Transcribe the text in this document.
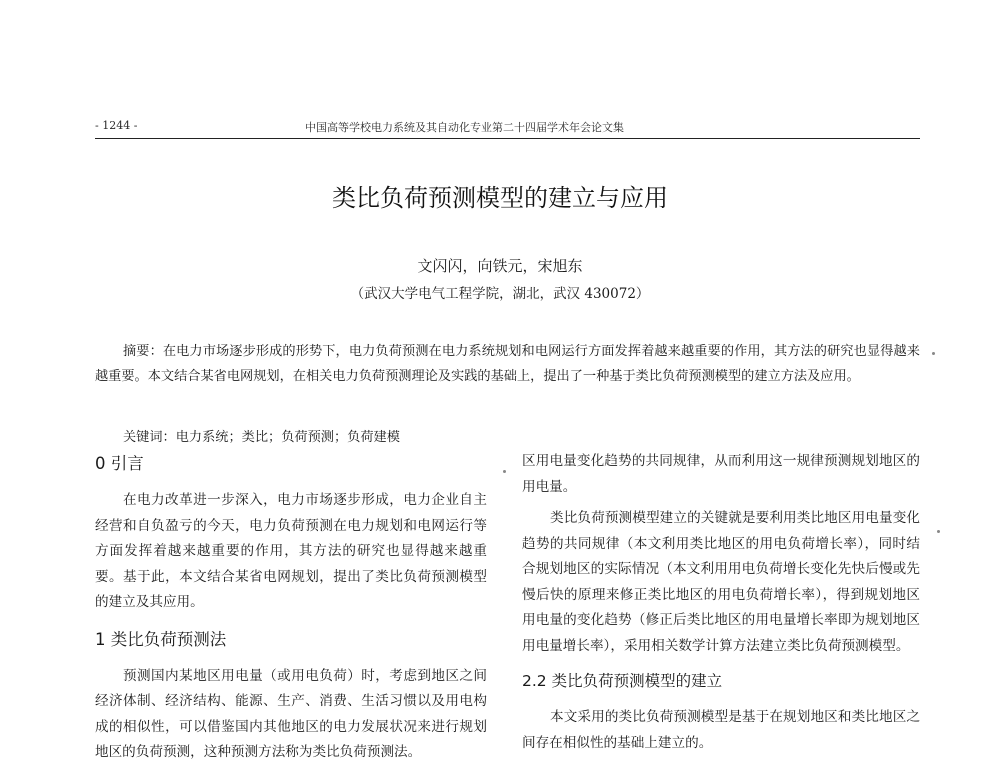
- 1244 -	中国高等学校电力系统及其自动化专业第二十四届学术年会论文集
类比负荷预测模型的建立与应用
文闪闪，向铁元，宋旭东
（武汉大学电气工程学院，湖北，武汉 430072）
摘要：在电力市场逐步形成的形势下，电力负荷预测在电力系统规划和电网运行方面发挥着越来越重要的作用，其方法的研究也显得越来越重要。本文结合某省电网规划，在相关电力负荷预测理论及实践的基础上，提出了一种基于类比负荷预测模型的建立方法及应用。
关键词：电力系统；类比；负荷预测；负荷建模
0 引言
在电力改革进一步深入，电力市场逐步形成，电力企业自主经营和自负盈亏的今天，电力负荷预测在电力规划和电网运行等方面发挥着越来越重要的作用，其方法的研究也显得越来越重要。基于此，本文结合某省电网规划，提出了类比负荷预测模型的建立及其应用。
1 类比负荷预测法
预测国内某地区用电量（或用电负荷）时，考虑到地区之间经济体制、经济结构、能源、生产、消费、生活习惯以及用电构成的相似性，可以借鉴国内其他地区的电力发展状况来进行规划地区的负荷预测，这种预测方法称为类比负荷预测法。
区用电量变化趋势的共同规律，从而利用这一规律预测规划地区的用电量。
类比负荷预测模型建立的关键就是要利用类比地区用电量变化趋势的共同规律（本文利用类比地区的用电负荷增长率），同时结合规划地区的实际情况（本文利用用电负荷增长变化先快后慢或先慢后快的原理来修正类比地区的用电负荷增长率），得到规划地区用电量的变化趋势（修正后类比地区的用电量增长率即为规划地区用电量增长率），采用相关数学计算方法建立类比负荷预测模型。
2.2 类比负荷预测模型的建立
本文采用的类比负荷预测模型是基于在规划地区和类比地区之间存在相似性的基础上建立的。
